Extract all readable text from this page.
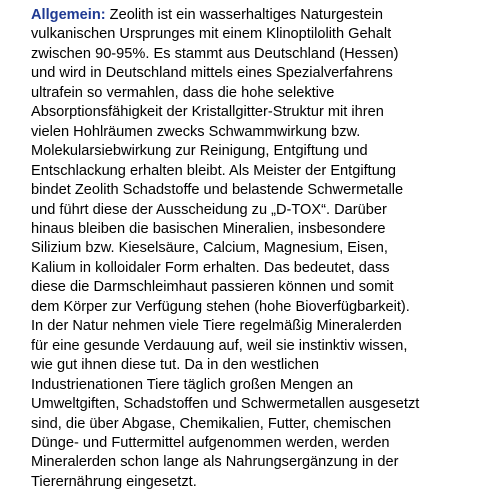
Allgemein: Zeolith ist ein wasserhaltiges Naturgestein
vulkanischen Ursprunges mit einem Klinoptilolith Gehalt
zwischen 90-95%. Es stammt aus Deutschland (Hessen)
und wird in Deutschland mittels eines Spezialverfahrens
ultrafein so vermahlen, dass die hohe selektive
Absorptionsfähigkeit der Kristallgitter-Struktur mit ihren
vielen Hohlräumen zwecks Schwammwirkung bzw.
Molekularsiebwirkung zur Reinigung, Entgiftung und
Entschlackung erhalten bleibt. Als Meister der Entgiftung
bindet Zeolith Schadstoffe und belastende Schwermetalle
und führt diese der Ausscheidung zu „D-TOX“. Darüber
hinaus bleiben die basischen Mineralien, insbesondere
Silizium bzw. Kieselsäure, Calcium, Magnesium, Eisen,
Kalium in kolloidaler Form erhalten. Das bedeutet, dass
diese die Darmschleimhaut passieren können und somit
dem Körper zur Verfügung stehen (hohe Bioverfügbarkeit).
In der Natur nehmen viele Tiere regelmäßig Mineralerden
für eine gesunde Verdauung auf, weil sie instinktiv wissen,
wie gut ihnen diese tut. Da in den westlichen
Industrienationen Tiere täglich großen Mengen an
Umweltgiften, Schadstoffen und Schwermetallen ausgesetzt
sind, die über Abgase, Chemikalien, Futter, chemischen
Dünge- und Futtermittel aufgenommen werden, werden
Mineralerden schon lange als Nahrungsergänzung in der
Tierernährung eingesetzt.
